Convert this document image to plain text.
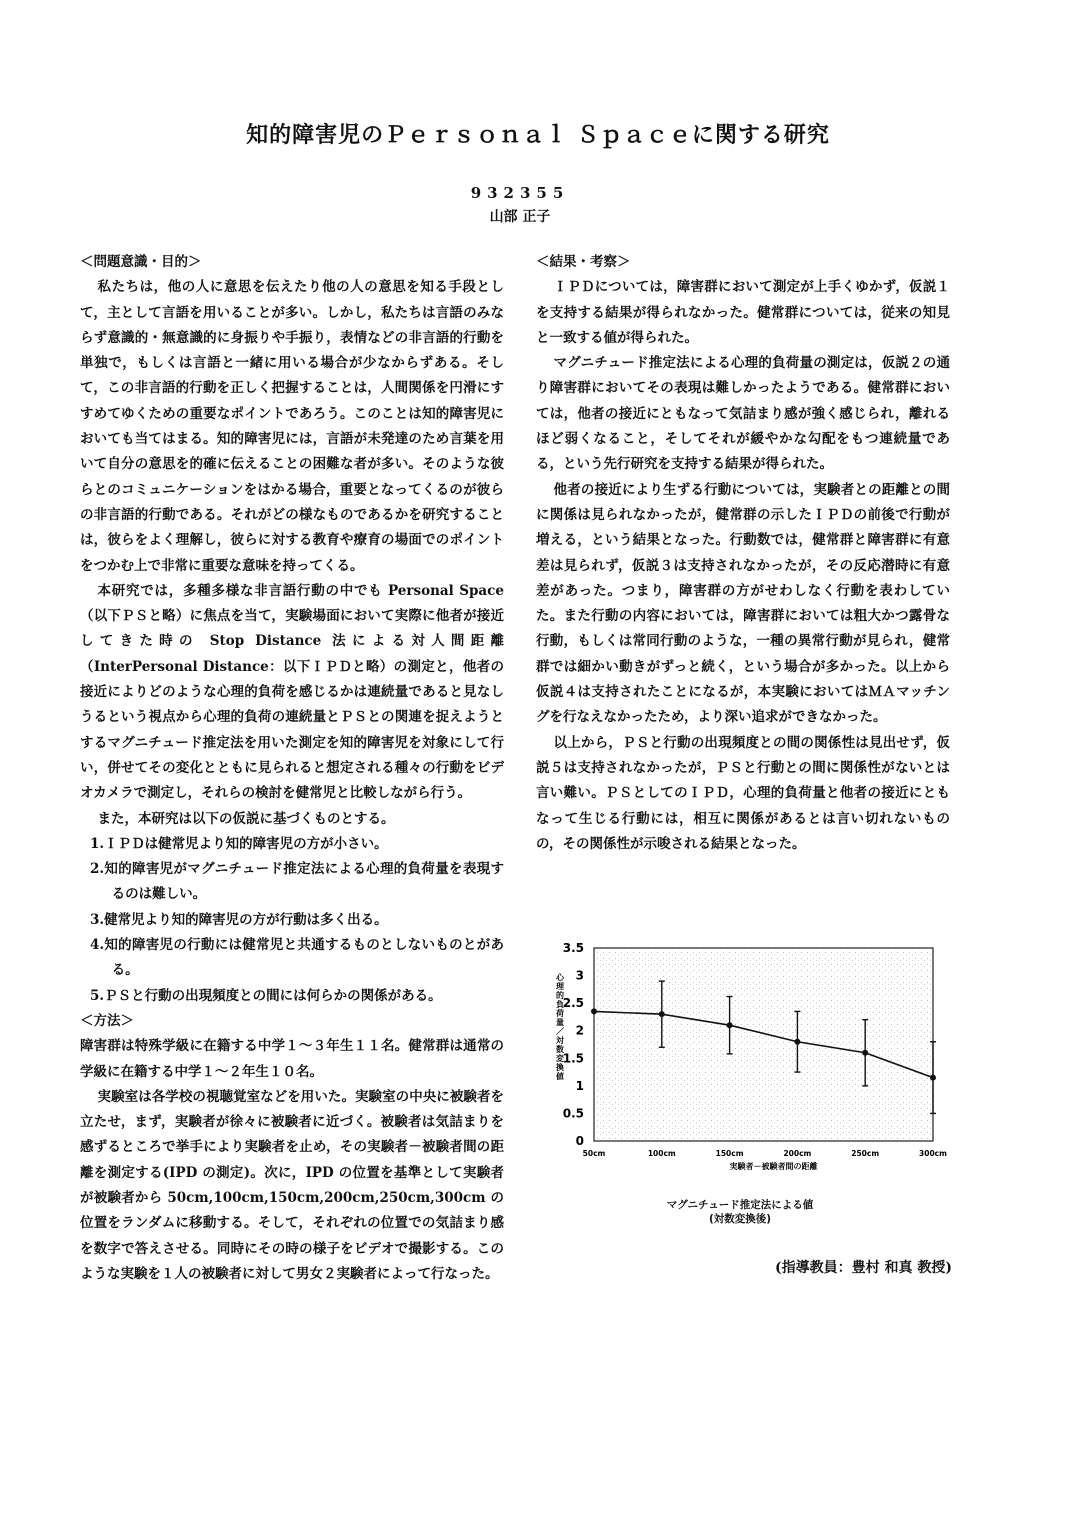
知的障害児のＰｅｒｓｏｎａｌ Ｓｐａｃｅに関する研究
932355
山部 正子
＜問題意識・目的＞

私たちは，他の人に意思を伝えたり他の人の意思を知る手段として，主として言語を用いることが多い。しかし，私たちは言語のみならず意識的・無意識的に身振りや手振り，表情などの非言語的行動を単独で，もしくは言語と一緒に用いる場合が少なからずある。そして，この非言語的行動を正しく把握することは，人間関係を円滑にすすめてゆくための重要なポイントであろう。このことは知的障害児においても当てはまる。知的障害児には，言語が未発達のため言葉を用いて自分の意思を的確に伝えることの困難な者が多い。そのような彼らとのコミュニケーションをはかる場合，重要となってくるのが彼らの非言語的行動である。それがどの様なものであるかを研究することは，彼らをよく理解し，彼らに対する教育や療育の場面でのポイントをつかむ上で非常に重要な意味を持ってくる。

本研究では，多種多様な非言語行動の中でも Personal Space（以下ＰＳと略）に焦点を当て，実験場面において実際に他者が接近してきた時の Stop Distance 法による対人間距離（InterPersonal Distance：以下ＩＰＤと略）の測定と，他者の接近によりどのような心理的負荷を感じるかは連続量であると見なしうるという視点から心理的負荷の連続量とＰＳとの関連を捉えようとするマグニチュード推定法を用いた測定を知的障害児を対象にして行い，併せてその変化とともに見られると想定される種々の行動をビデオカメラで測定し，それらの検討を健常児と比較しながら行う。

また，本研究は以下の仮説に基づくものとする。

1.ＩＰＤは健常児より知的障害児の方が小さい。
2.知的障害児がマグニチュード推定法による心理的負荷量を表現するのは難しい。
3.健常児より知的障害児の方が行動は多く出る。
4.知的障害児の行動には健常児と共通するものとしないものとがある。
5.ＰＳと行動の出現頻度との間には何らかの関係がある。
＜方法＞

障害群は特殊学級に在籍する中学１～３年生１１名。健常群は通常の学級に在籍する中学１～２年生１０名。

実験室は各学校の視聴覚室などを用いた。実験室の中央に被験者を立たせ，まず，実験者が徐々に被験者に近づく。被験者は気詰まりを感ずるところで挙手により実験者を止め，その実験者－被験者間の距離を測定する(IPD の測定)。次に，IPD の位置を基準として実験者が被験者から 50cm,100cm,150cm,200cm,250cm,300cm の位置をランダムに移動する。そして，それぞれの位置での気詰まり感を数字で答えさせる。同時にその時の様子をビデオで撮影する。このような実験を１人の被験者に対して男女２実験者によって行なった。

＜結果・考察＞

ＩＰＤについては，障害群において測定が上手くゆかず，仮説１を支持する結果が得られなかった。健常群については，従来の知見と一致する値が得られた。

マグニチュード推定法による心理的負荷量の測定は，仮説２の通り障害群においてその表現は難しかったようである。健常群においては，他者の接近にともなって気詰まり感が強く感じられ，離れるほど弱くなること，そしてそれが緩やかな勾配をもつ連続量である，という先行研究を支持する結果が得られた。

他者の接近により生ずる行動については，実験者との距離との間に関係は見られなかったが，健常群の示したＩＰＤの前後で行動が増える，という結果となった。行動数では，健常群と障害群に有意差は見られず，仮説３は支持されなかったが，その反応潜時に有意差があった。つまり，障害群の方がせわしなく行動を表わしていた。また行動の内容においては，障害群においては粗大かつ露骨な行動，もしくは常同行動のような，一種の異常行動が見られ，健常群では細かい動きがずっと続く，という場合が多かった。以上から仮説４は支持されたことになるが，本実験においてはＭＡマッチングを行なえなかったため，より深い追求ができなかった。

以上から，ＰＳと行動の出現頻度との間の関係性は見出せず，仮説５は支持されなかったが，ＰＳと行動との間に関係性がないとは言い難い。ＰＳとしてのＩＰＤ，心理的負荷量と他者の接近にともなって生じる行動には，相互に関係があるとは言い切れないものの，その関係性が示唆される結果となった。

0
0.5
1
1.5
2
2.5
3
3.5
50cm	100cm	150cm	200cm	250cm	300cm
実験者－被験者間の距離
心
理
的
負
荷
量
／
対
数
変
換
値
マグニチュード推定法による値
(対数変換後)
(指導教員：豊村 和真 教授)
